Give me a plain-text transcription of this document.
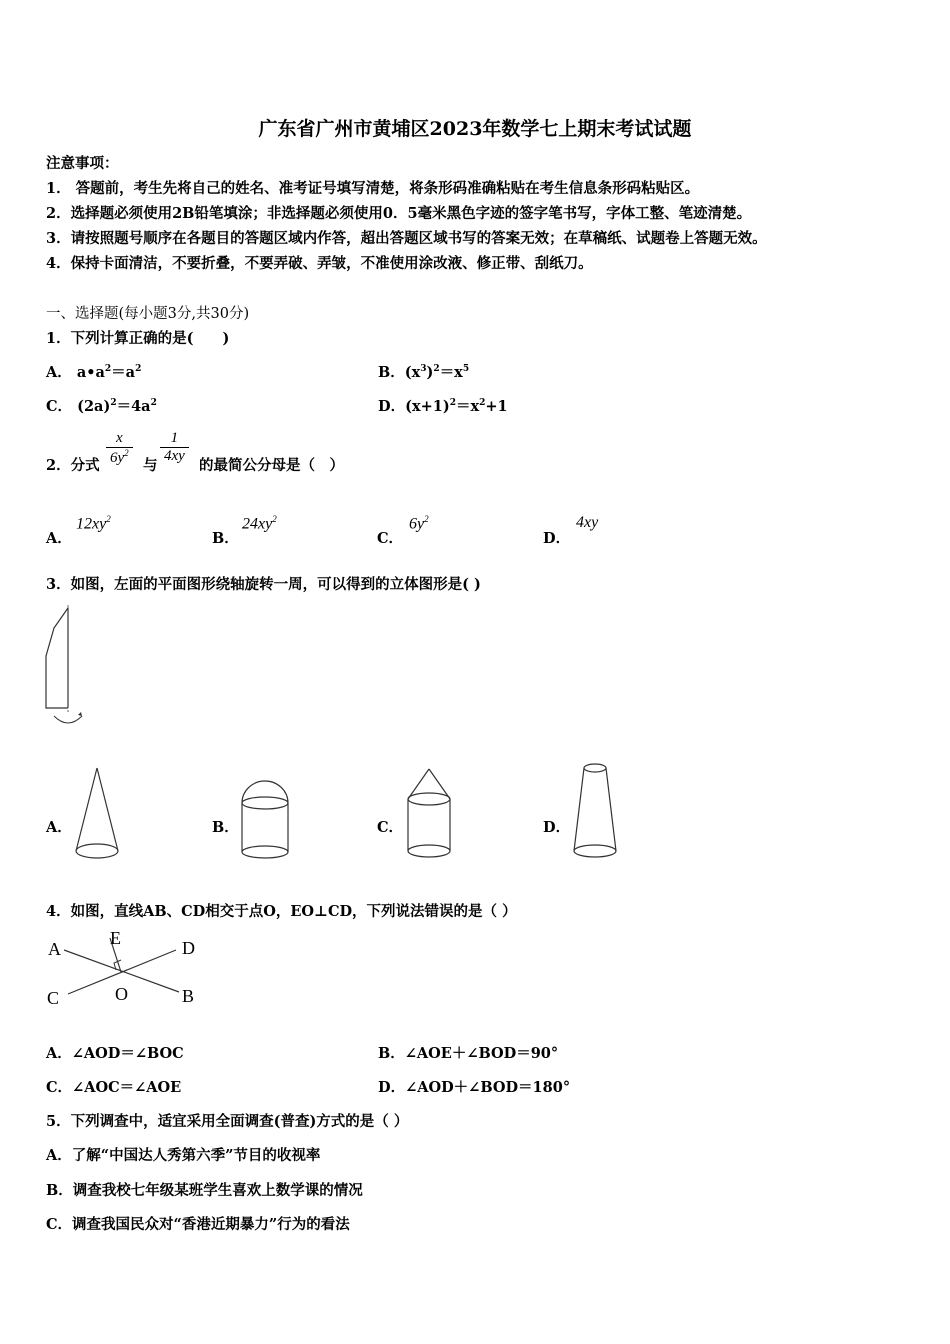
广东省广州市黄埔区2023年数学七上期末考试试题
注意事项：
1． 答题前，考生先将自己的姓名、准考证号填写清楚，将条形码准确粘贴在考生信息条形码粘贴区。
2．选择题必须使用2B铅笔填涂；非选择题必须使用0．5毫米黑色字迹的签字笔书写，字体工整、笔迹清楚。
3．请按照题号顺序在各题目的答题区域内作答，超出答题区域书写的答案无效；在草稿纸、试题卷上答题无效。
4．保持卡面清洁，不要折叠，不要弄破、弄皱，不准使用涂改液、修正带、刮纸刀。
一、选择题(每小题3分,共30分)
1．下列计算正确的是(　　)
A． $a•a^2=a^2$	B．$(x^3)^2=x^5$
C． $(2a)^2=4a^2$	D．$(x+1)^2=x^2+1$
2．分式 $\frac{x}{6y^2}$ 与
$\frac{1}{4xy}$
的最简公分母是（　）
A．
$12xy^2$
B．
$24xy^2$
C．
$6y^2$
D．
4xy
3．如图，左面的平面图形绕轴旋转一周，可以得到的立体图形是( )
A．	B．	C．	D．
4．如图，直线AB、CD相交于点O，EO⊥CD，下列说法错误的是（ ）
A	D
C	B
E
O
A．∠AOD＝∠BOC	B．∠AOE＋∠BOD＝90°
C．∠AOC＝∠AOE	D．∠AOD＋∠BOD＝180°
5．下列调查中，适宜采用全面调查(普查)方式的是（ ）
A．了解“中国达人秀第六季”节目的收视率
B．调查我校七年级某班学生喜欢上数学课的情况
C．调查我国民众对“香港近期暴力”行为的看法
